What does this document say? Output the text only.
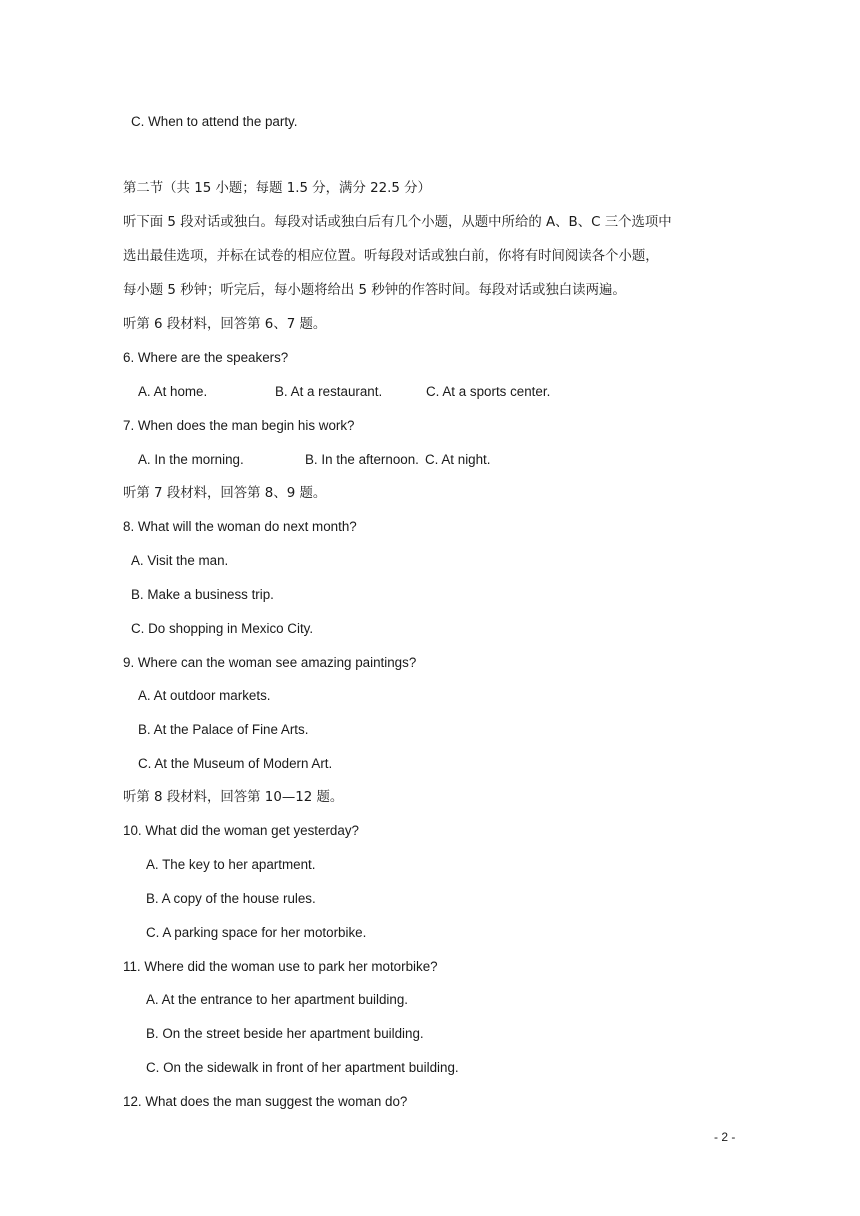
C. When to attend the party.
第二节（共 15 小题；每题 1.5 分，满分 22.5 分）
听下面 5 段对话或独白。每段对话或独白后有几个小题，从题中所给的 A、B、C 三个选项中
选出最佳选项，并标在试卷的相应位置。听每段对话或独白前，你将有时间阅读各个小题，
每小题 5 秒钟；听完后，每小题将给出 5 秒钟的作答时间。每段对话或独白读两遍。
听第 6 段材料，回答第 6、7 题。
6. Where are the speakers?
A. At home.	B. At a restaurant.	C. At a sports center.
7. When does the man begin his work?
A. In the morning.	B. In the afternoon. C. At night.
听第 7 段材料，回答第 8、9 题。
8. What will the woman do next month?
A. Visit the man.
B. Make a business trip.
C. Do shopping in Mexico City.
9. Where can the woman see amazing paintings?
A. At outdoor markets.
B. At the Palace of Fine Arts.
C. At the Museum of Modern Art.
听第 8 段材料，回答第 10—12 题。
10. What did the woman get yesterday?
A. The key to her apartment.
B. A copy of the house rules.
C. A parking space for her motorbike.
11. Where did the woman use to park her motorbike?
A. At the entrance to her apartment building.
B. On the street beside her apartment building.
C. On the sidewalk in front of her apartment building.
12. What does the man suggest the woman do?
- 2 -
